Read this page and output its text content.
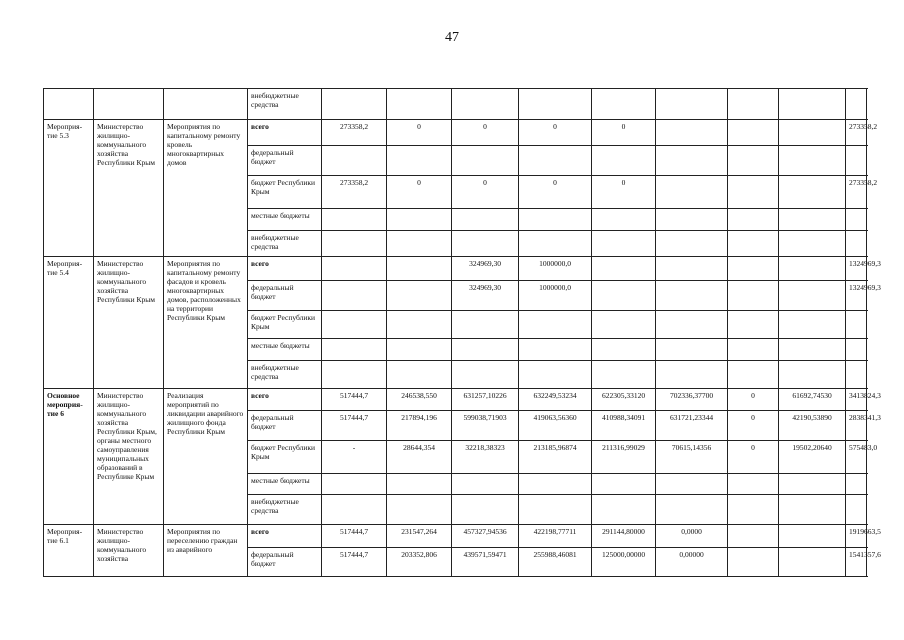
47
			внебюджетные средства									
Мероприя-тие 5.3	Министерство жилищно-коммунального хозяйства Республики Крым	Мероприятия по капитальному ремонту кровель многоквартирных домов	всего	273358,2	0	0	0	0				273358,2
			федеральный бюджет									
			бюджет Республики Крым	273358,2	0	0	0	0				273358,2
			местные бюджеты									
			внебюджетные средства									
Мероприя-тие 5.4	Министерство жилищно-коммунального хозяйства Республики Крым	Мероприятия по капитальному ремонту фасадов и кровель многоквартирных домов, расположенных на территории Республики Крым	всего			324969,30	1000000,0					1324969,3
			федеральный бюджет			324969,30	1000000,0					1324969,3
			бюджет Республики Крым									
			местные бюджеты									
			внебюджетные средства									
Основное мероприя-тие 6	Министерство жилищно-коммунального хозяйства Республики Крым, органы местного самоуправления муниципальных образований в Республике Крым	Реализация мероприятий по ликвидации аварийного жилищного фонда Республики Крым	всего	517444,7	246538,550	631257,10226	632249,53234	622305,33120	702336,37700	0	61692,74530	3413824,3
			федеральный бюджет	517444,7	217894,196	599038,71903	419063,56360	410988,34091	631721,23344	0	42190,53890	2838341,3
			бюджет Республики Крым	-	28644,354	32218,38323	213185,96874	211316,99029	70615,14356	0	19502,20640	575483,0
			местные бюджеты									
			внебюджетные средства									
Мероприя-тие 6.1	Министерство жилищно-коммунального хозяйства	Мероприятия по переселению граждан из аварийного	всего	517444,7	231547,264	457327,94536	422198,77711	291144,80000	0,0000			1919663,5
			федеральный бюджет	517444,7	203352,806	439571,59471	255988,46081	125000,00000	0,00000			1541357,6
